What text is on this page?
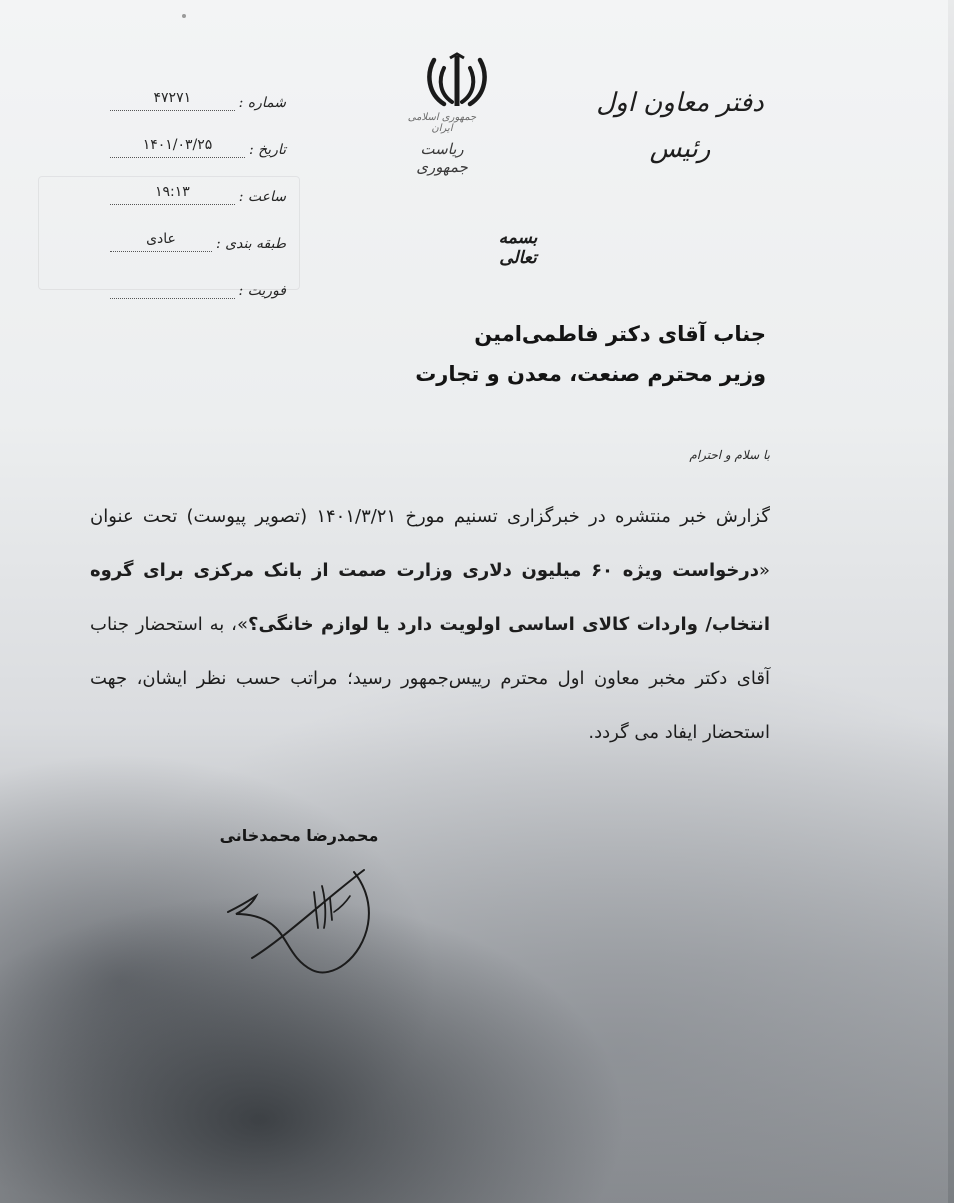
جمهوری اسلامی ایران
ریاست جمهوری
دفتر معاون اول
رئیس
بسمه تعالی
شماره :
۴۷۲۷۱
تاریخ :
۱۴۰۱/۰۳/۲۵
ساعت :
۱۹:۱۳
طبقه بندی :
عادی
فوریت :
جناب آقای دکتر فاطمی‌امین
وزیر محترم صنعت، معدن و تجارت
با سلام و احترام
گزارش خبر منتشره در خبرگزاری تسنیم مورخ ۱۴۰۱/۳/۲۱ (تصویر پیوست) تحت عنوان «درخواست ویژه ۶۰ میلیون دلاری وزارت صمت از بانک مرکزی برای گروه انتخاب/ واردات کالای اساسی اولویت دارد یا لوازم خانگی؟»، به استحضار جناب آقای دکتر مخبر معاون اول محترم رییس‌جمهور رسید؛ مراتب حسب نظر ایشان، جهت استحضار ایفاد می گردد.
محمدرضا محمدخانی
